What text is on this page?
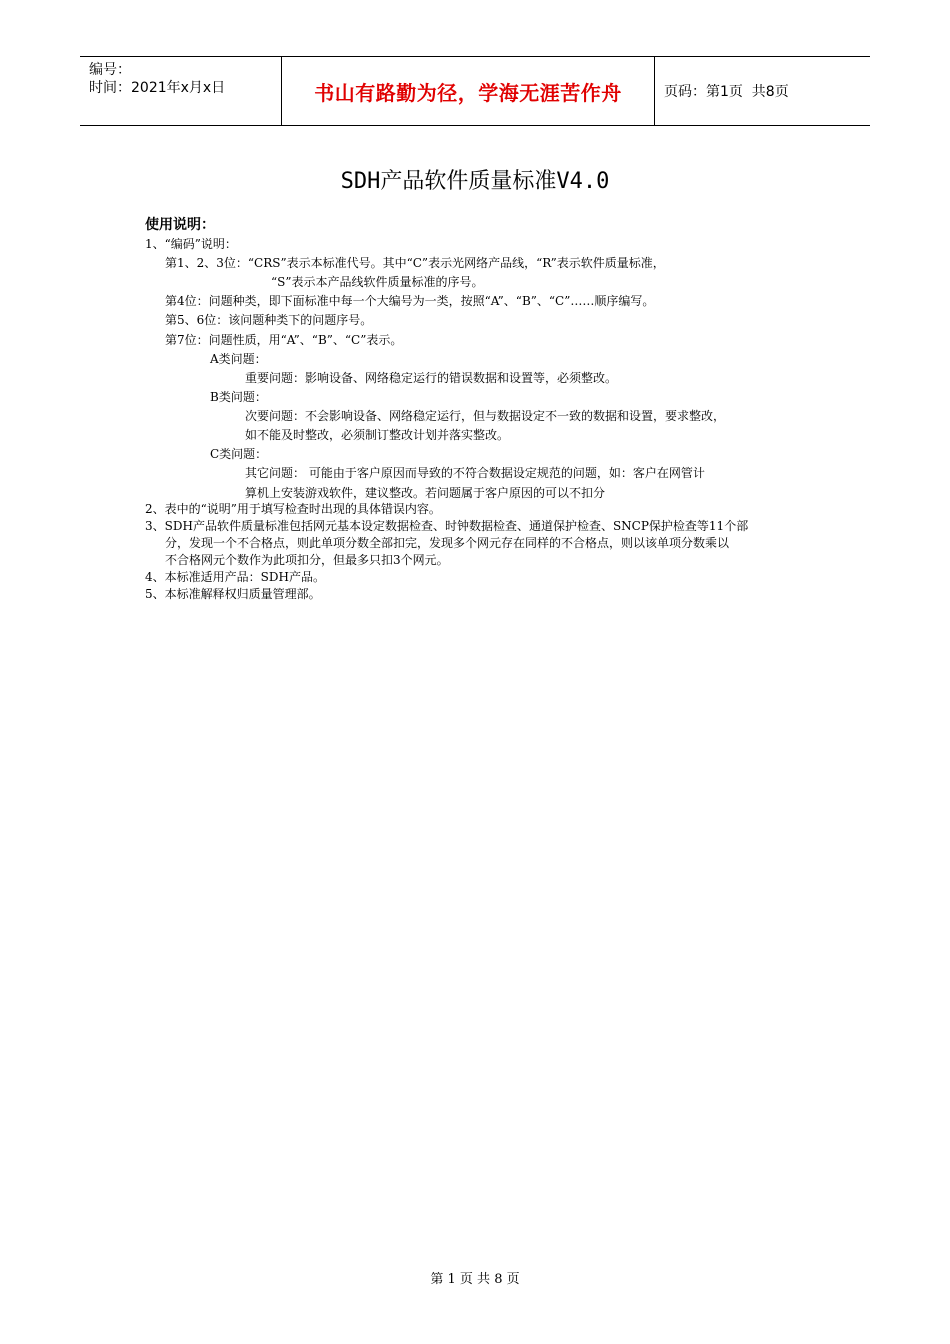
编号：
时间：2021年x月x日	书山有路勤为径，学海无涯苦作舟	页码：第1页  共8页
SDH产品软件质量标准V4.0
使用说明：
1、“编码”说明：
第1、2、3位：“CRS”表示本标准代号。其中“C”表示光网络产品线，“R”表示软件质量标准，
“S”表示本产品线软件质量标准的序号。
第4位：问题种类，即下面标准中每一个大编号为一类，按照“A”、“B”、“C”……顺序编写。
第5、6位：该问题种类下的问题序号。
第7位：问题性质，用“A”、“B”、“C”表示。
A类问题：
重要问题：影响设备、网络稳定运行的错误数据和设置等，必须整改。
B类问题：
次要问题：不会影响设备、网络稳定运行，但与数据设定不一致的数据和设置，要求整改，
如不能及时整改，必须制订整改计划并落实整改。
C类问题：
其它问题： 可能由于客户原因而导致的不符合数据设定规范的问题，如：客户在网管计
算机上安装游戏软件，建议整改。若问题属于客户原因的可以不扣分
2、表中的“说明”用于填写检查时出现的具体错误内容。
3、SDH产品软件质量标准包括网元基本设定数据检查、时钟数据检查、通道保护检查、SNCP保护检查等11个部
分，发现一个不合格点，则此单项分数全部扣完，发现多个网元存在同样的不合格点，则以该单项分数乘以
不合格网元个数作为此项扣分，但最多只扣3个网元。
4、本标准适用产品：SDH产品。
5、本标准解释权归质量管理部。
第 1 页 共 8 页
